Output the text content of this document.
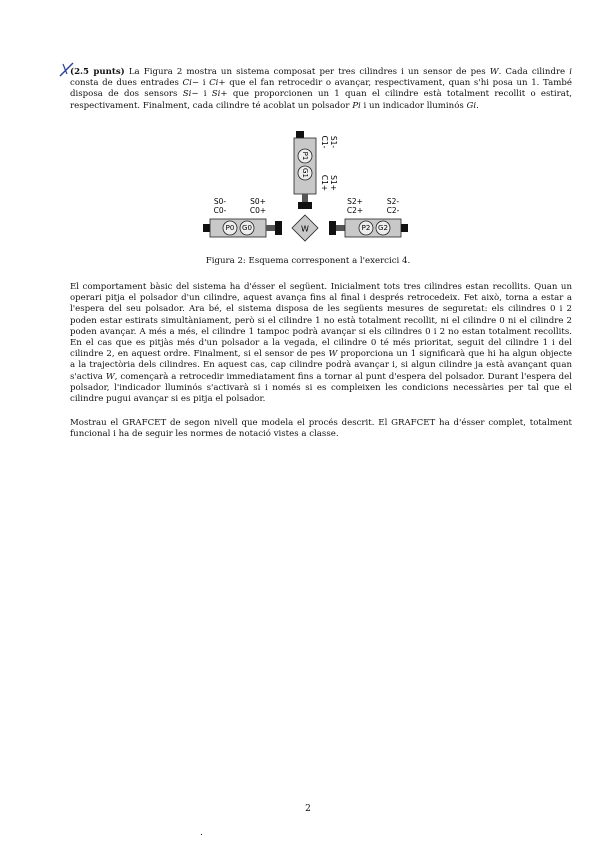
(2.5 punts) La Figura 2 mostra un sistema composat per tres cilindres i un sensor de pes W. Cada cilindre i consta de dues entrades Ci− i Ci+ que el fan retrocedir o avançar, respectivament, quan s'hi posa un 1. També disposa de dos sensors Si− i Si+ que proporcionen un 1 quan el cilindre està totalment recollit o estirat, respectivament. Finalment, cada cilindre té acoblat un polsador Pi i un indicador lluminós Gi.
P1
G1
S1-
C1-
S1+
C1+
S0-
C0-
S0+
C0+
P0 G0	W
S2+
C2+
S2-
C2-
P2 G2
Figura 2: Esquema corresponent a l'exercici 4.
El comportament bàsic del sistema ha d'ésser el següent. Inicialment tots tres cilindres estan recollits. Quan un operari pitja el polsador d'un cilindre, aquest avança fins al final i després retrocedeix. Fet això, torna a estar a l'espera del seu polsador. Ara bé, el sistema disposa de les següents mesures de seguretat: els cilindres 0 i 2 poden estar estirats simultàniament, però si el cilindre 1 no està totalment recollit, ni el cilindre 0 ni el cilindre 2 poden avançar. A més a més, el cilindre 1 tampoc podrà avançar si els cilindres 0 i 2 no estan totalment recollits. En el cas que es pitjàs més d'un polsador a la vegada, el cilindre 0 té més prioritat, seguit del cilindre 1 i del cilindre 2, en aquest ordre. Finalment, si el sensor de pes W proporciona un 1 significarà que hi ha algun objecte a la trajectòria dels cilindres. En aquest cas, cap cilindre podrà avançar i, si algun cilindre ja està avançant quan s'activa W, començarà a retrocedir immediatament fins a tornar al punt d'espera del polsador. Durant l'espera del polsador, l'indicador lluminós s'activarà si i només si es compleixen les condicions necessàries per tal que el cilindre pugui avançar si es pitja el polsador.
Mostrau el GRAFCET de segon nivell que modela el procés descrit. El GRAFCET ha d'ésser complet, totalment funcional i ha de seguir les normes de notació vistes a classe.
2
.
